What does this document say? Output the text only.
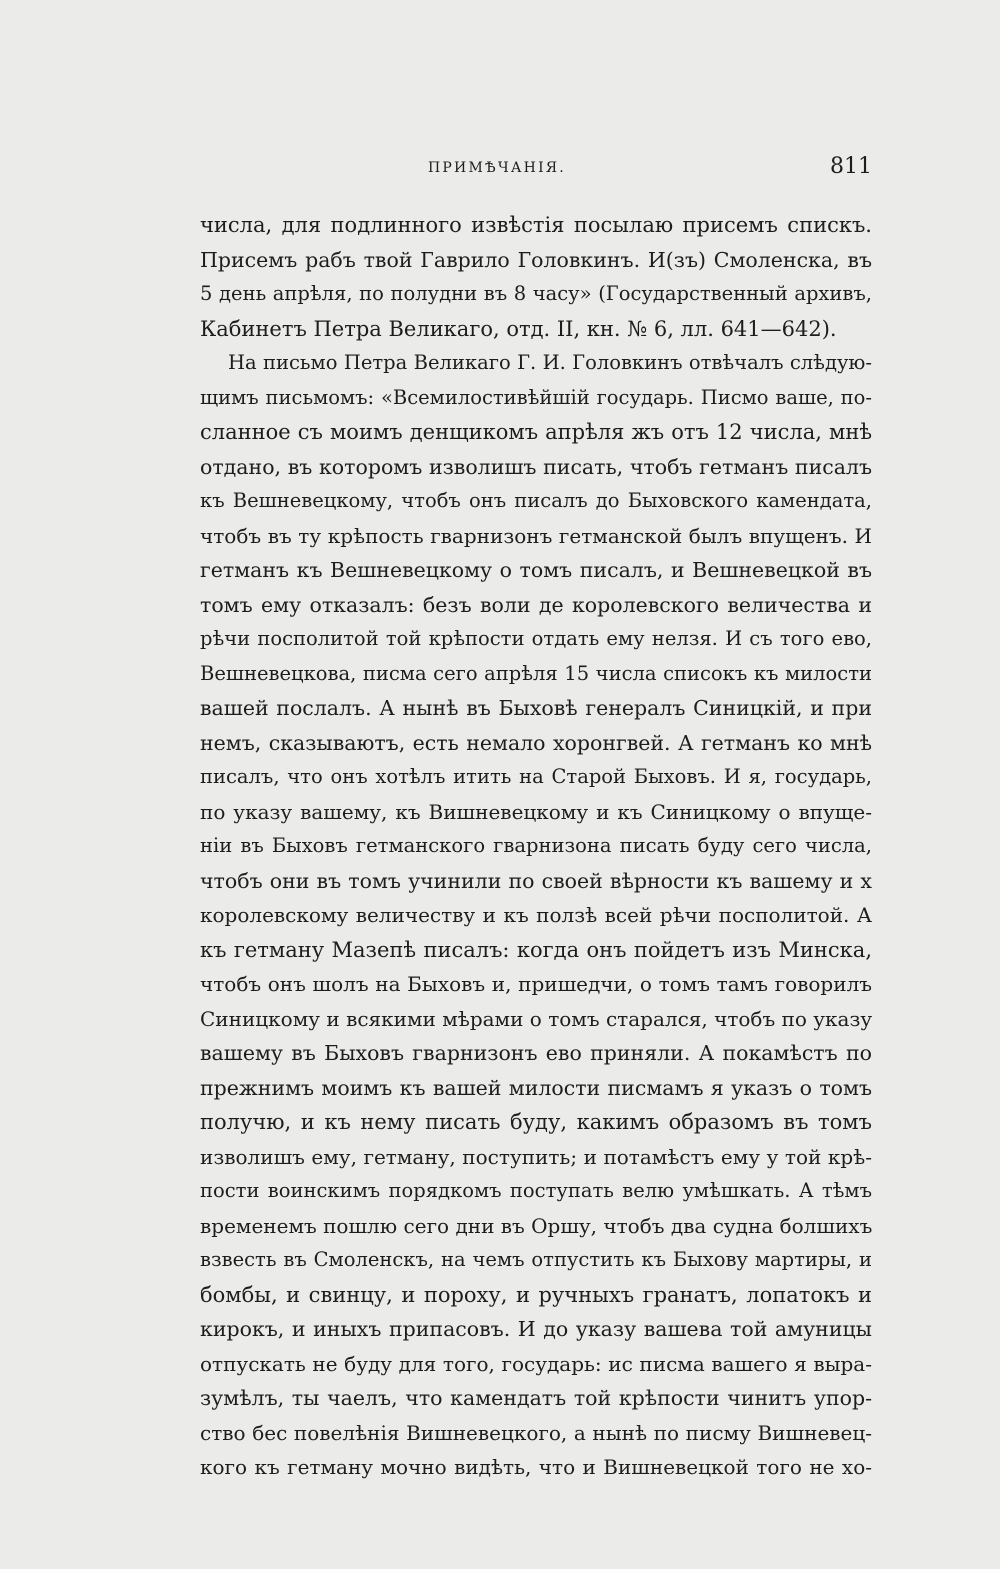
ПРИМѢЧАНІЯ.	811
числа, для подлинного извѣстія посылаю присемъ спискъ.
Присемъ рабъ твой Гаврило Головкинъ. И(зъ) Смоленска, въ
5 день апрѣля, по полудни въ 8 часу» (Государственный архивъ,
Кабинетъ Петра Великаго, отд. II, кн. № 6, лл. 641—642).
На письмо Петра Великаго Г. И. Головкинъ отвѣчалъ слѣдую-
щимъ письмомъ: «Всемилостивѣйшій государь. Писмо ваше, по-
сланное съ моимъ денщикомъ апрѣля жъ отъ 12 числа, мнѣ
отдано, въ которомъ изволишъ писать, чтобъ гетманъ писалъ
къ Вешневецкому, чтобъ онъ писалъ до Быховского камендата,
чтобъ въ ту крѣпость гварнизонъ гетманской былъ впущенъ. И
гетманъ къ Вешневецкому о томъ писалъ, и Вешневецкой въ
томъ ему отказалъ: безъ воли де королевского величества и
рѣчи посполитой той крѣпости отдать ему нелзя. И съ того ево,
Вешневецкова, писма сего апрѣля 15 числа списокъ къ милости
вашей послалъ. А нынѣ въ Быховѣ генералъ Синицкій, и при
немъ, сказываютъ, есть немало хоронгвей. А гетманъ ко мнѣ
писалъ, что онъ хотѣлъ итить на Старой Быховъ. И я, государь,
по указу вашему, къ Вишневецкому и къ Синицкому о впуще-
ніи въ Быховъ гетманского гварнизона писать буду сего числа,
чтобъ они въ томъ учинили по своей вѣрности къ вашему и х
королевскому величеству и къ ползѣ всей рѣчи посполитой. А
къ гетману Мазепѣ писалъ: когда онъ пойдетъ изъ Минска,
чтобъ онъ шолъ на Быховъ и, пришедчи, о томъ тамъ говорилъ
Синицкому и всякими мѣрами о томъ старался, чтобъ по указу
вашему въ Быховъ гварнизонъ ево приняли. А покамѣстъ по
прежнимъ моимъ къ вашей милости писмамъ я указъ о томъ
получю, и къ нему писать буду, какимъ образомъ въ томъ
изволишъ ему, гетману, поступить; и потамѣстъ ему у той крѣ-
пости воинскимъ порядкомъ поступать велю умѣшкать. А тѣмъ
временемъ пошлю сего дни въ Оршу, чтобъ два судна болшихъ
взвесть въ Смоленскъ, на чемъ отпустить къ Быхову мартиры, и
бомбы, и свинцу, и пороху, и ручныхъ гранатъ, лопатокъ и
кирокъ, и иныхъ припасовъ. И до указу вашева той амуницы
отпускать не буду для того, государь: ис писма вашего я выра-
зумѣлъ, ты чаелъ, что камендатъ той крѣпости чинитъ упор-
ство бес повелѣнія Вишневецкого, а нынѣ по писму Вишневец-
кого къ гетману мочно видѣть, что и Вишневецкой того не хо-
